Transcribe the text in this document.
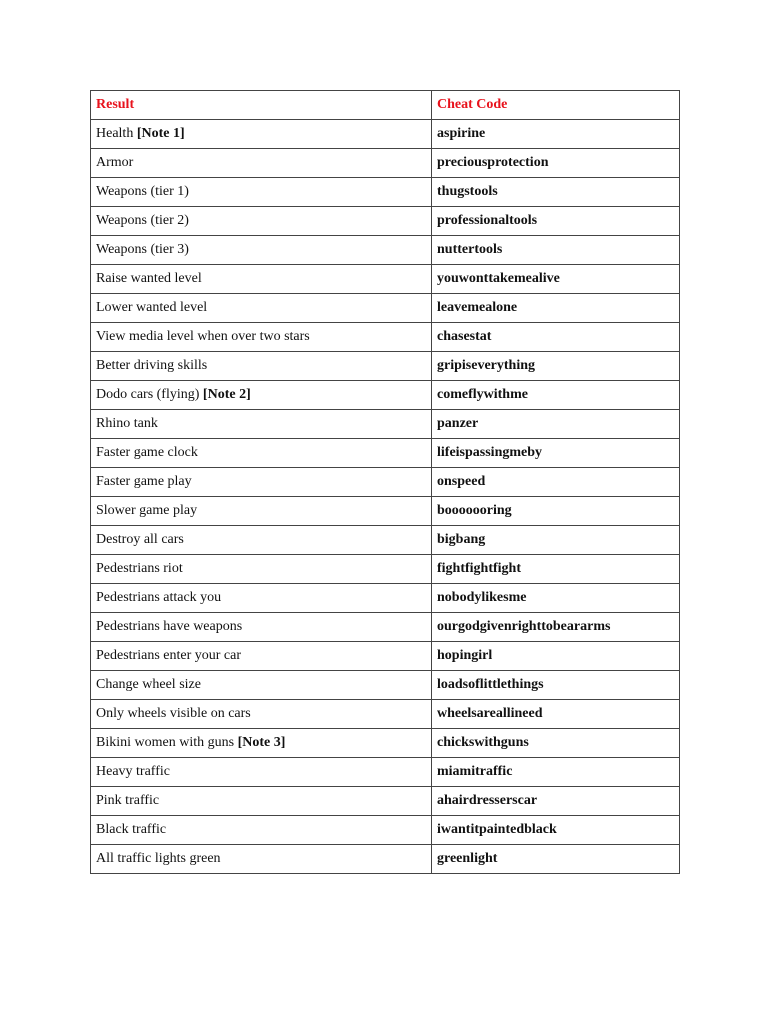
Result	Cheat Code
Health [Note 1]	aspirine
Armor	preciousprotection
Weapons (tier 1)	thugstools
Weapons (tier 2)	professionaltools
Weapons (tier 3)	nuttertools
Raise wanted level	youwonttakemealive
Lower wanted level	leavemealone
View media level when over two stars	chasestat
Better driving skills	gripiseverything
Dodo cars (flying) [Note 2]	comeflywithme
Rhino tank	panzer
Faster game clock	lifeispassingmeby
Faster game play	onspeed
Slower game play	booooooring
Destroy all cars	bigbang
Pedestrians riot	fightfightfight
Pedestrians attack you	nobodylikesme
Pedestrians have weapons	ourgodgivenrighttobeararms
Pedestrians enter your car	hopingirl
Change wheel size	loadsoflittlethings
Only wheels visible on cars	wheelsareallineed
Bikini women with guns [Note 3]	chickswithguns
Heavy traffic	miamitraffic
Pink traffic	ahairdresserscar
Black traffic	iwantitpaintedblack
All traffic lights green	greenlight
